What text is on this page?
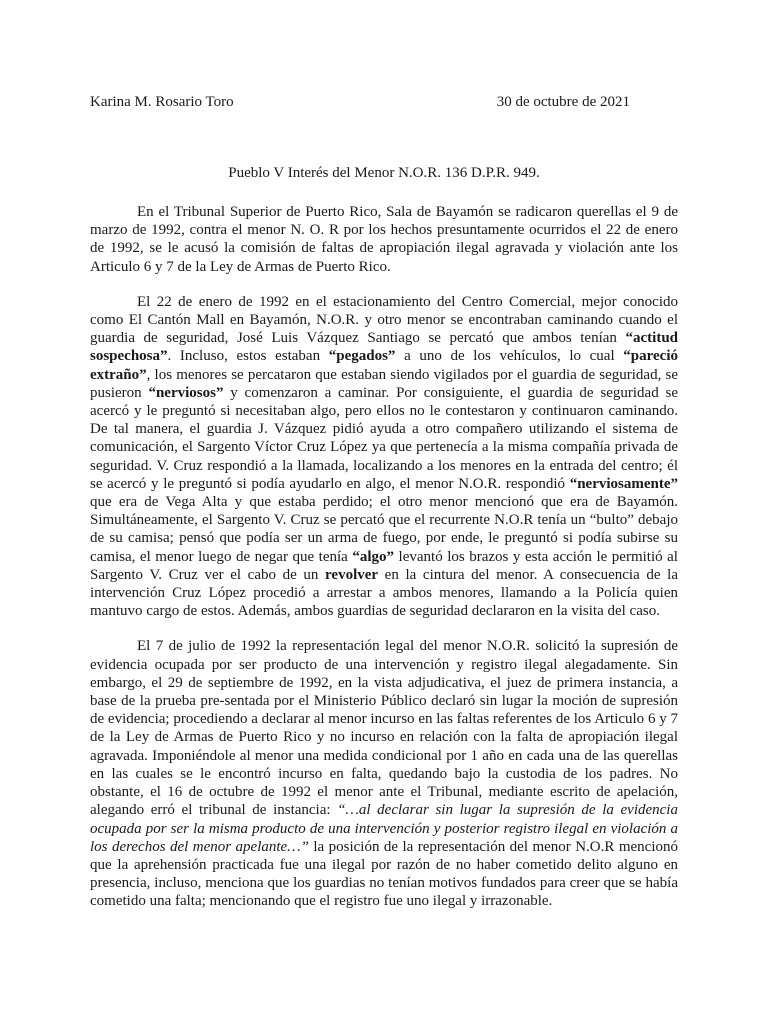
Karina M. Rosario Toro	30 de octubre de 2021
Pueblo V Interés del Menor N.O.R. 136 D.P.R. 949.

En el Tribunal Superior de Puerto Rico, Sala de Bayamón se radicaron querellas el 9 de marzo de 1992, contra el menor N. O. R por los hechos presuntamente ocurridos el 22 de enero de 1992, se le acusó la comisión de faltas de apropiación ilegal agravada y violación ante los Articulo 6 y 7 de la Ley de Armas de Puerto Rico.

El 22 de enero de 1992 en el estacionamiento del Centro Comercial, mejor conocido como El Cantón Mall en Bayamón, N.O.R. y otro menor se encontraban caminando cuando el guardia de seguridad, José Luis Vázquez Santiago se percató que ambos tenían “actitud sospechosa”. Incluso, estos estaban “pegados” a uno de los vehículos, lo cual “pareció extraño”, los menores se percataron que estaban siendo vigilados por el guardia de seguridad, se pusieron “nerviosos” y comenzaron a caminar. Por consiguiente, el guardia de seguridad se acercó y le preguntó si necesitaban algo, pero ellos no le contestaron y continuaron caminando. De tal manera, el guardia J. Vázquez pidió ayuda a otro compañero utilizando el sistema de comunicación, el Sargento Víctor Cruz López ya que pertenecía a la misma compañía privada de seguridad. V. Cruz respondió a la llamada, localizando a los menores en la entrada del centro; él se acercó y le preguntó si podía ayudarlo en algo, el menor N.O.R. respondió “nerviosamente” que era de Vega Alta y que estaba perdido; el otro menor mencionó que era de Bayamón. Simultáneamente, el Sargento V. Cruz se percató que el recurrente N.O.R tenía un “bulto” debajo de su camisa; pensó que podía ser un arma de fuego, por ende, le preguntó si podía subirse su camisa, el menor luego de negar que tenía “algo” levantó los brazos y esta acción le permitió al Sargento V. Cruz ver el cabo de un revolver en la cintura del menor. A consecuencia de la intervención Cruz López procedió a arrestar a ambos menores, llamando a la Policía quien mantuvo cargo de estos. Además, ambos guardias de seguridad declararon en la visita del caso.

El 7 de julio de 1992 la representación legal del menor N.O.R. solicitó la supresión de evidencia ocupada por ser producto de una intervención y registro ilegal alegadamente. Sin embargo, el 29 de septiembre de 1992, en la vista adjudicativa, el juez de primera instancia, a base de la prueba pre-sentada por el Ministerio Público declaró sin lugar la moción de supresión de evidencia; procediendo a declarar al menor incurso en las faltas referentes de los Articulo 6 y 7 de la Ley de Armas de Puerto Rico y no incurso en relación con la falta de apropiación ilegal agravada. Imponiéndole al menor una medida condicional por 1 año en cada una de las querellas en las cuales se le encontró incurso en falta, quedando bajo la custodia de los padres. No obstante, el 16 de octubre de 1992 el menor ante el Tribunal, mediante escrito de apelación, alegando erró el tribunal de instancia: “…al declarar sin lugar la supresión de la evidencia ocupada por ser la misma producto de una intervención y posterior registro ilegal en violación a los derechos del menor apelante…” la posición de la representación del menor N.O.R mencionó que la aprehensión practicada fue una ilegal por razón de no haber cometido delito alguno en presencia, incluso, menciona que los guardias no tenían motivos fundados para creer que se había cometido una falta; mencionando que el registro fue uno ilegal y irrazonable.
